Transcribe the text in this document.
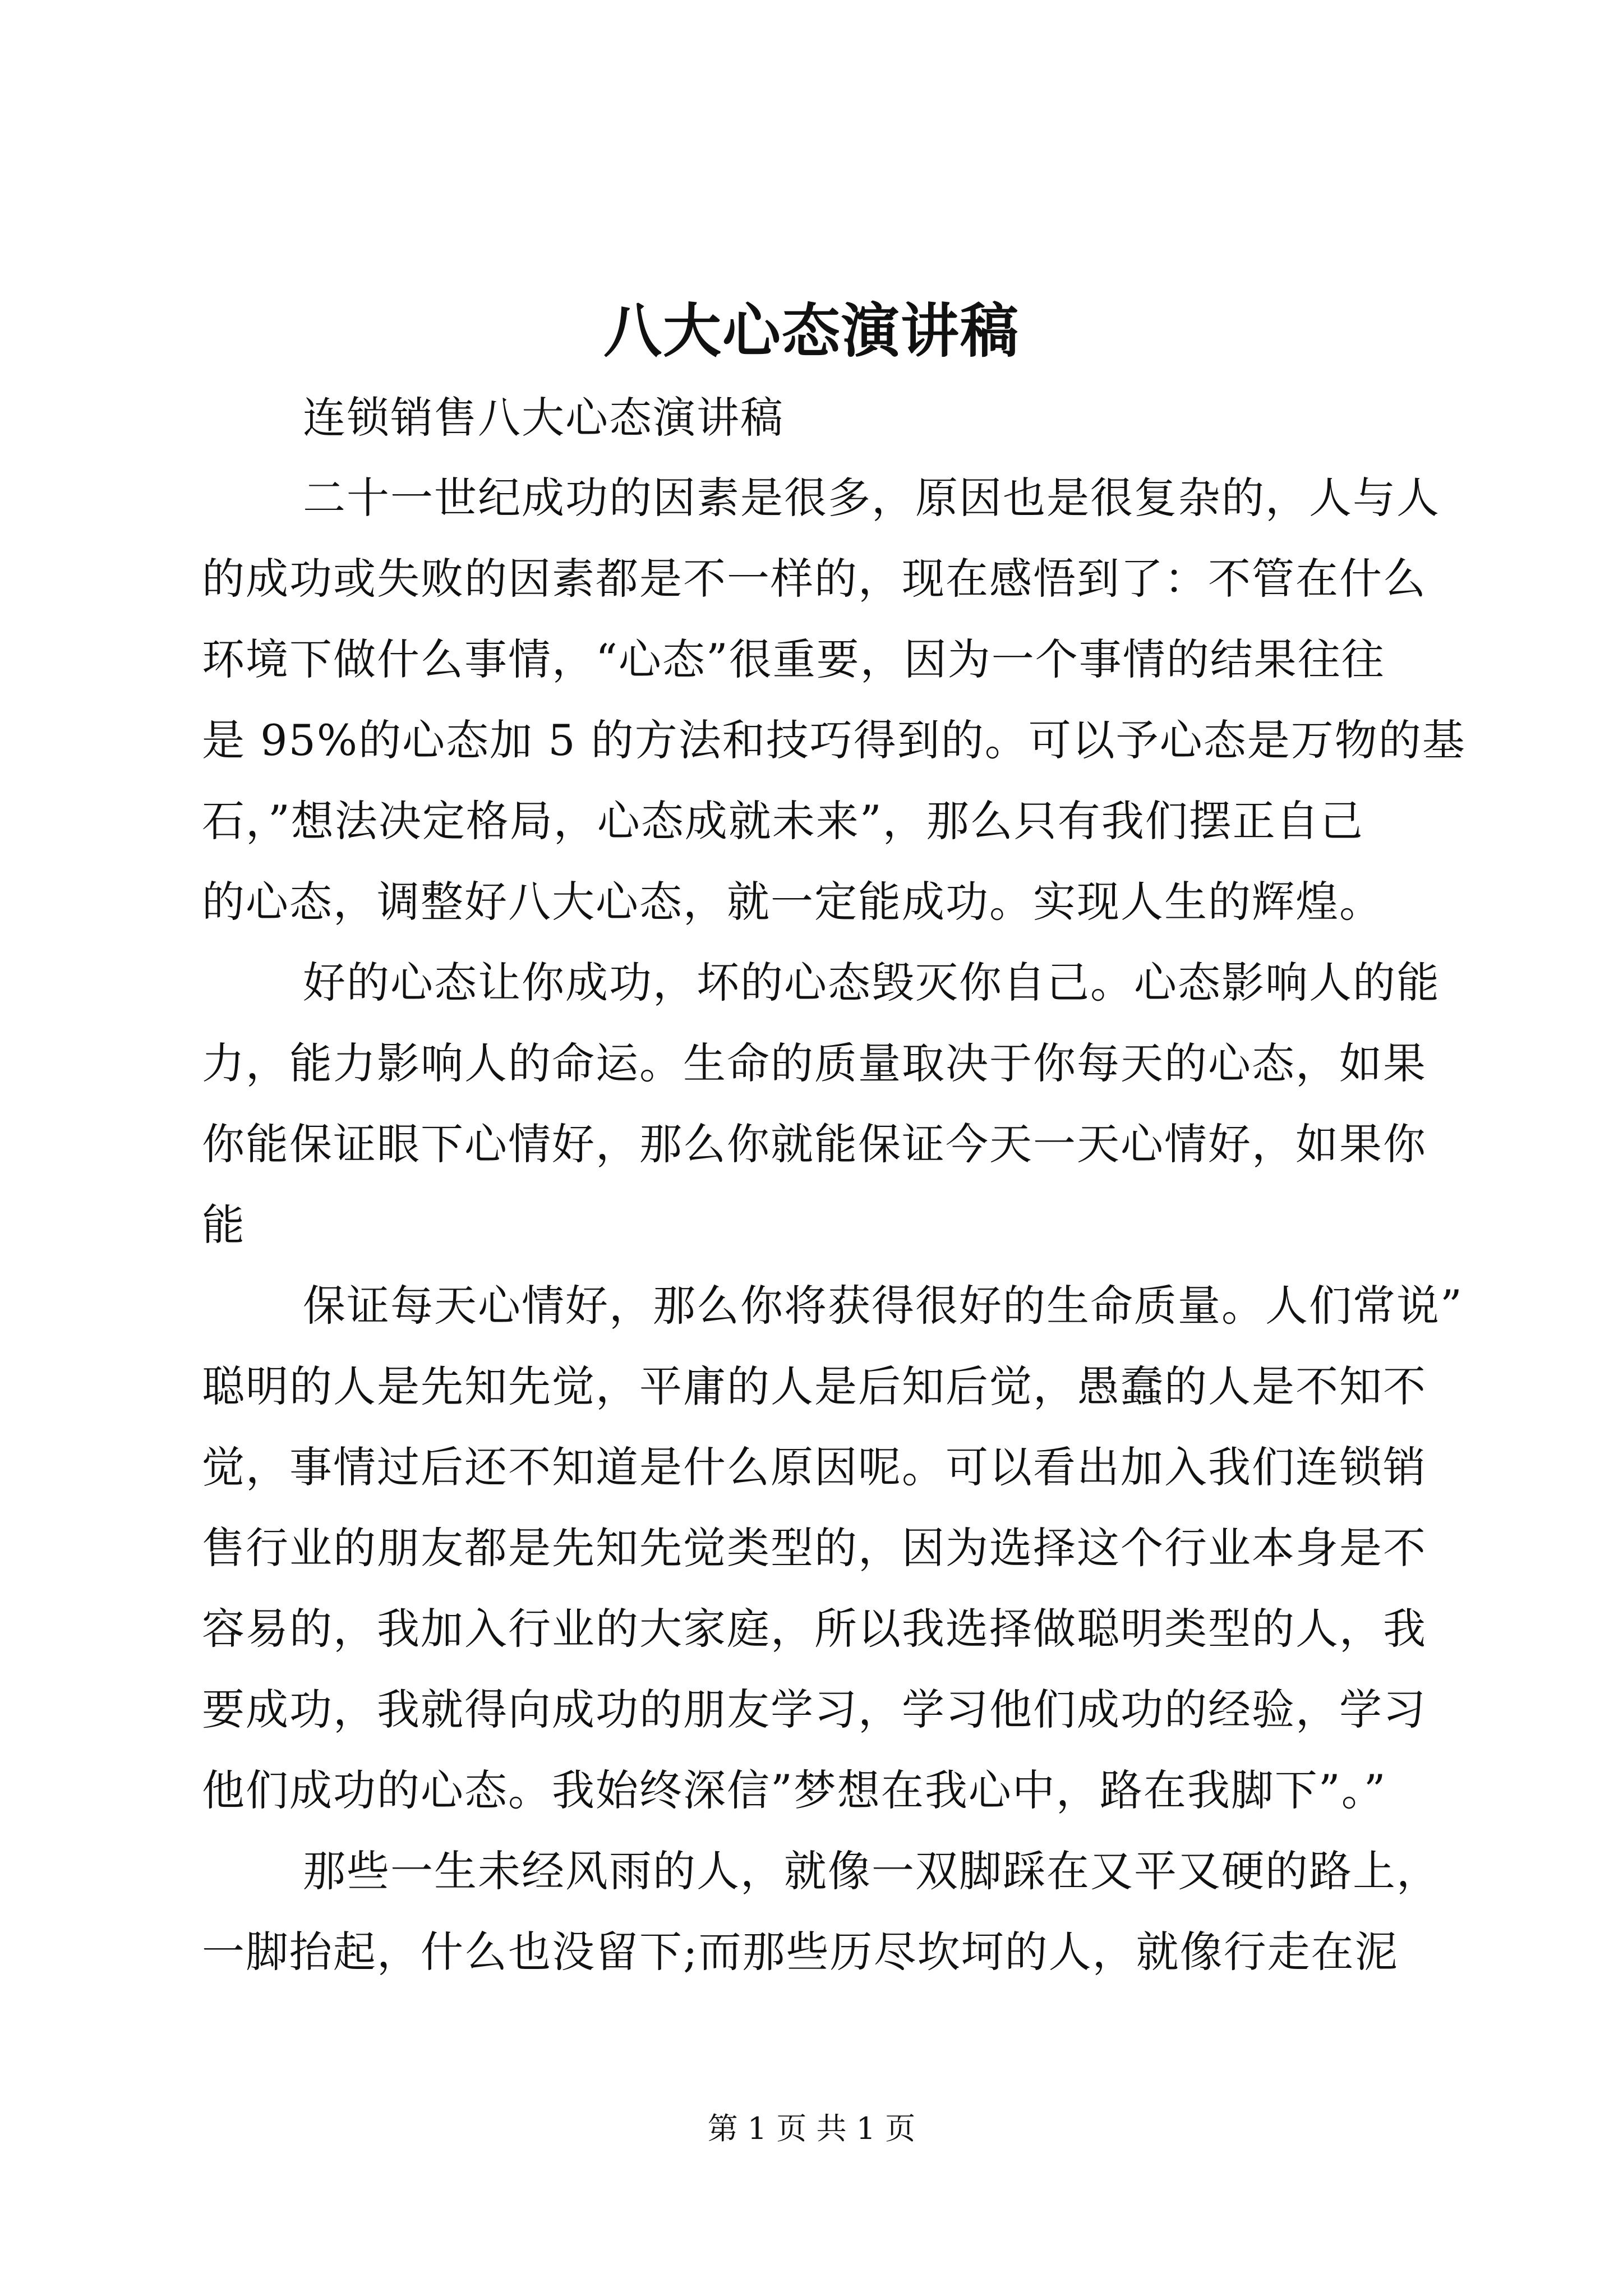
八大心态演讲稿
连锁销售八大心态演讲稿
二十一世纪成功的因素是很多，原因也是很复杂的，人与人
的成功或失败的因素都是不一样的，现在感悟到了：不管在什么
环境下做什么事情，“心态”很重要，因为一个事情的结果往往
是 95%的心态加 5 的方法和技巧得到的。可以予心态是万物的基
石，”想法决定格局，心态成就未来”，那么只有我们摆正自己
的心态，调整好八大心态，就一定能成功。实现人生的辉煌。
好的心态让你成功，坏的心态毁灭你自己。心态影响人的能
力，能力影响人的命运。生命的质量取决于你每天的心态，如果
你能保证眼下心情好，那么你就能保证今天一天心情好，如果你
能
保证每天心情好，那么你将获得很好的生命质量。人们常说”
聪明的人是先知先觉，平庸的人是后知后觉，愚蠢的人是不知不
觉，事情过后还不知道是什么原因呢。可以看出加入我们连锁销
售行业的朋友都是先知先觉类型的，因为选择这个行业本身是不
容易的，我加入行业的大家庭，所以我选择做聪明类型的人，我
要成功，我就得向成功的朋友学习，学习他们成功的经验，学习
他们成功的心态。我始终深信”梦想在我心中，路在我脚下”。”
那些一生未经风雨的人，就像一双脚踩在又平又硬的路上，
一脚抬起，什么也没留下;而那些历尽坎坷的人，就像行走在泥
第 1 页 共 1 页
